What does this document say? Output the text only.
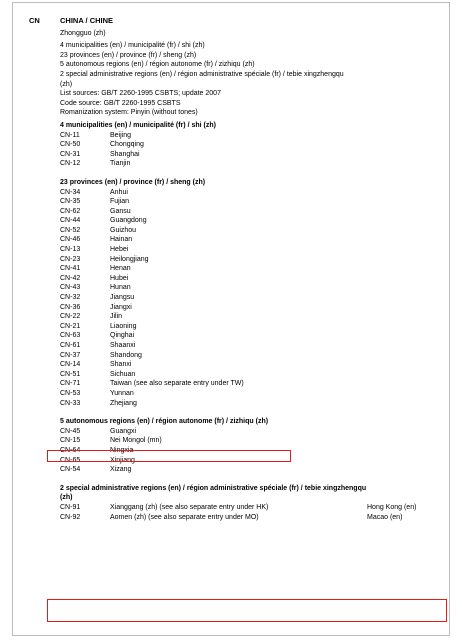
CN	CHINA / CHINE
Zhongguo (zh)
4 municipalities (en) / municipalité (fr) / shi (zh)
23 provinces (en) / province (fr) / sheng (zh)
5 autonomous regions (en) / région autonome (fr) / zizhiqu (zh)
2 special administrative regions (en) / région administrative spéciale (fr) / tebie xingzhengqu
(zh)
List sources: GB/T 2260-1995 CSBTS; update 2007
Code source: GB/T 2260-1995 CSBTS
Romanization system: Pinyin (without tones)
4 municipalities (en) / municipalité (fr) / shi (zh)
CN-11	Beijing
CN-50	Chongqing
CN-31	Shanghai
CN-12	Tianjin
23 provinces (en) / province (fr) / sheng (zh)
CN-34	Anhui
CN-35	Fujian
CN-62	Gansu
CN-44	Guangdong
CN-52	Guizhou
CN-46	Hainan
CN-13	Hebei
CN-23	Heilongjiang
CN-41	Henan
CN-42	Hubei
CN-43	Hunan
CN-32	Jiangsu
CN-36	Jiangxi
CN-22	Jilin
CN-21	Liaoning
CN-63	Qinghai
CN-61	Shaanxi
CN-37	Shandong
CN-14	Shanxi
CN-51	Sichuan
CN-71	Taiwan (see also separate entry under TW)
CN-53	Yunnan
CN-33	Zhejiang
5 autonomous regions (en) / région autonome (fr) / zizhiqu (zh)
CN-45	Guangxi
CN-15	Nei Mongol (mn)
CN-64	Ningxia
CN-65	Xinjiang
CN-54	Xizang
2 special administrative regions (en) / région administrative spéciale (fr) / tebie xingzhengqu
(zh)
CN-91	Xianggang (zh) (see also separate entry under HK)	Hong Kong (en)
CN-92	Aomen (zh) (see also separate entry under MO)	Macao (en)
